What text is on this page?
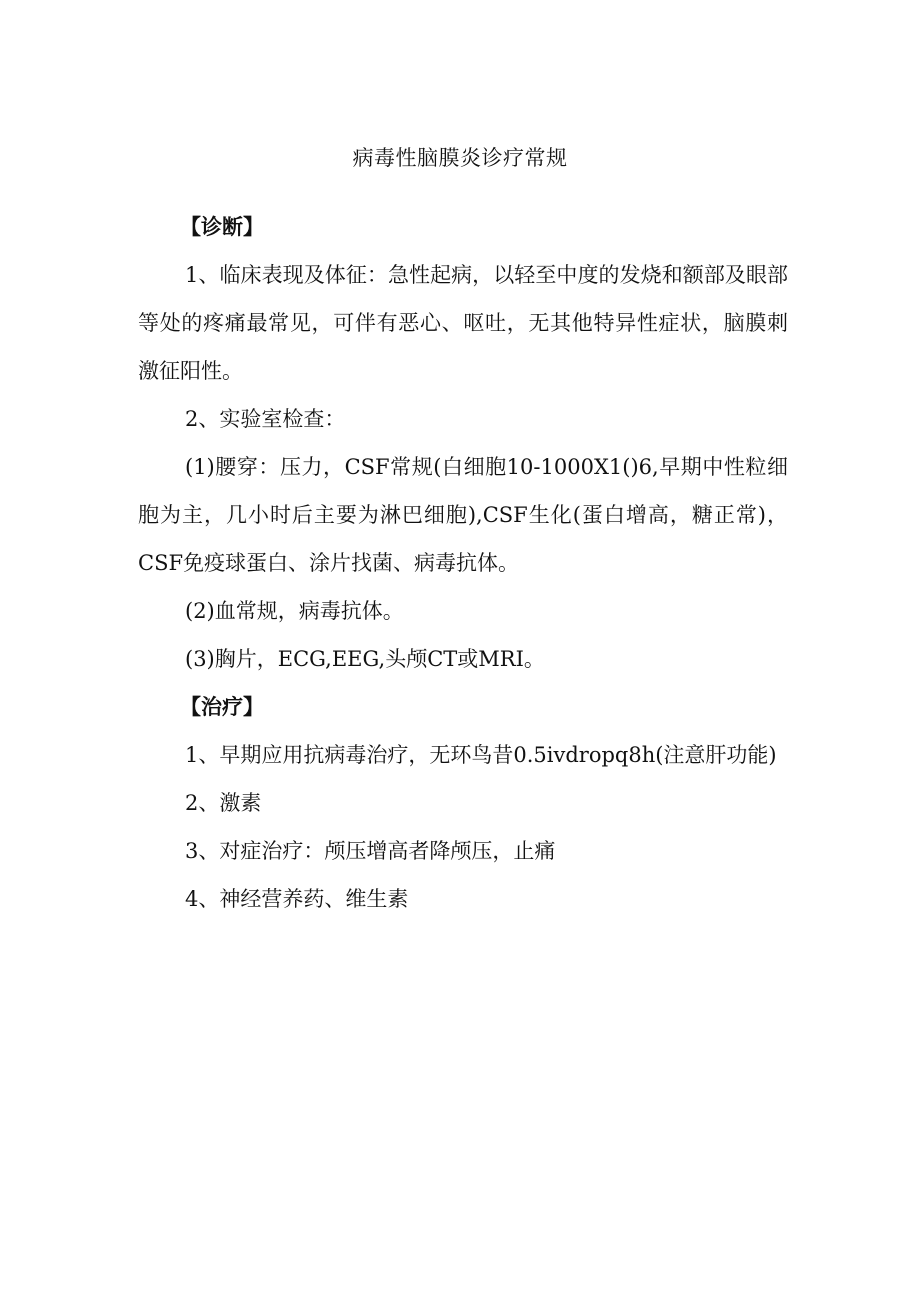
病毒性脑膜炎诊疗常规
【诊断】
1、临床表现及体征：急性起病，以轻至中度的发烧和额部及眼部等处的疼痛最常见，可伴有恶心、呕吐，无其他特异性症状，脑膜刺激征阳性。
2、实验室检查：
(1)腰穿：压力，CSF常规(白细胞10-1000X1()6,早期中性粒细胞为主，几小时后主要为淋巴细胞),CSF生化(蛋白增高，糖正常)，CSF免疫球蛋白、涂片找菌、病毒抗体。
(2)血常规，病毒抗体。
(3)胸片，ECG,EEG,头颅CT或MRI。
【治疗】
1、早期应用抗病毒治疗，无环鸟昔0.5ivdropq8h(注意肝功能)
2、激素
3、对症治疗：颅压增高者降颅压，止痛
4、神经营养药、维生素
